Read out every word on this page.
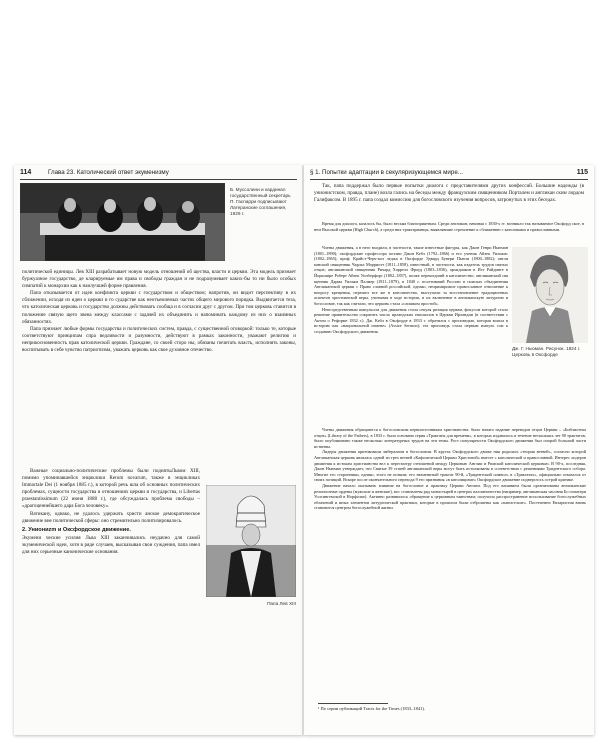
114	Глава 23. Католический ответ экуменизму
Б. Муссолини и кардинал государственный секретарь П. Гаспарри подписывают Латеранские соглашения, 1929 г.

политической единицы. Лев XIII разрабатывает новую модель отношений об щества, власти и церкви. Эта модель признает буржуазное государство, де кларируемые им права и свободы граждан и не подразумевает каких-бы то ни было особых симпатий к монархии как к наилучшей форме правления.

Папа отказывается от идеи конфликта церкви с государством и обществом; напротив, он видит перспективу в их сближении, исходя из идеи о церкви и го сударстве как неотъемлемых частях общего мирового порядка. Выдвигается теза, что католическая церковь и государство должны действовать сообща и в согласии друг с другом. При том церковь ставится в положение связую щего звена между классами с задачей их объединить и напоминать каждому из них о взаимных обязанностях.

Папа признает любые формы государства и политических систем, правда, с существенной оговоркой: только те, которые соответствуют принципам спра ведливости и разумности, действуют в рамках законности, уважают религию и неприкосновенность прав католической церкви. Граждане, со своей сторо ны, обязаны почитать власть, исполнять законы, воспитывать в себе чувство патриотизма, уважать церковь как свое духовное отечество.

Важные социально-политические проблемы были поднятыЛьвом XIII, помимо упоминавшейся энциклики Rerum novarum, также в энцикликах Immortale Dei (1 ноября 1885 г.), в которой речь шла об основных политических проблемах, сущности государства и отношениях церкви и государства, и Libertas praestantissimum (22 июня 1888 г.), где обсуждалась проблема свободы – «драгоценнейшего дара Бога человеку».

Ватикану, однако, не удалось удержать христи анское демократическое движение вне политической сферы: оно стремительно политизировалось.

2. Униониzm и Оксфордское движение.

Экумени ческие усилия Льва XIII заканчивались неудачно для самой экуменической идеи, хотя в ряде случаев, высказывая свои суждения, папа имел для них серьезные канонические основания.

Папа Лев XIII
§ 1. Попытки адаптации в секуляризующемся мире...	115

Так, папа поддержал было первые попытки диалога с представителями других конфессий. Большие надежды (в унионистском, правда, плане) возла гались на беседы между французским священником Порталем и англикан ским лордом Галифаксом. В 1895 г. папа создал комиссию для богословского изучения вопросов, затронутых в этих беседах.

Время для диалога, казалось бы, было весьма благоприятным. Среди англикан, начиная с 1830-х гг. возникло так называемое Оксфорд ское, в нем Высокой церкви (High Church), а среди них трактарианцы, выявлявшие стремление к сближению с католиками и православными.

Члены движения, а в него входили, в частности, такие известные фигуры, как Джон Генри Ньюман (1801–1890); оксфордские профессора поэзии Джон Кебл (1792–1866) и его ученик Айзек Уильямс (1802–1865); проф. Крайст-Черч-кол леджа в Оксфорде Эдвард Бувери Пьюзи (1800–1882); англи канский священник Чарльз Мэрриотт (1811–1858), известный, в частности, как издатель трудов святых отцов; англиканский священник Ричард Харрелл Фроуд (1803–1836), архидиакон в Ист Райдинге в Йоркшире Роберт Айзек Уилберфорс (1802–1857), позже перешедший в католичество; англиканский свя щенник Дарма Уильям Палмер (1811–1879), в 1840 г. посетивший Россию в поисках объединения Англиканской церкви с Право славной российской, однако, непримиримое православное отношение к вопросу крещения, перешел все же в католичество, выступали за восстановление традиционных аспектов христианской веры, учитывая в ходе истории, и их включение в англиканскую литургию и богословие, так как считали, что церковь стала «слишком простой».

Непосредственным импульсом для движения стала секуля ризация церкви, фокусом которой стало решение правительства сократить число ирландских епископов в Церкви Ирландии (в соответствии с Актом о Реформе 1832 г.). Дж. Кебл в Оксфорде в 1833 г. обратился с проповедью, которая вошла в историю как «национальной измене» (Assize Sermon); эта проповедь стала первым импуль сом к созданию Оксфордского движения.

Дж. Г. Ньюман. Рисунок. 1824 г. Церковь в Оксфорде

Члены движения обращаются к богословским первоисточникам христианства: было начато издание переводов отцов Церкви – «Библиотека отцов» (Library of the Fathers), в 1833 г. была основана серия «Трактаты для времени», в которых издавалось в течение нескольких лет 90 трактатов, было опубликовано также несколько литературных трудов на эти темы. Рост популярности Оксфордского движения был опорой большой части истинны.

Лидеры движения критиковали либерализм в богословии. В кругах Оксфордского движе ния родилась «теория ветвей», согласно которой Англиканская церковь являлась одной из трех ветвей «Кафолической Церкви Христовой» вместе с католической и православной. Интерес лидеров движения к истокам христианства вел к пересмотру отношений между Церковью Англии и Римской католической церковью. В 90-х, последняя, Джон Ньюман утверждает, что Святые 39 статей англиканской веры могут быть истолкованы в соответствии с решениями Тридентского собора. Многие его сторонники, однако, этого не поняли; его знаменитый трактат 90-й, «Тридентский символ» в «Трактатах», официально отказался от своих позиций. Вскоре после окончательного перехода 9 его призвания «в католицизме» Оксфордское движение подверглось острой критике.

Движение начало оказывать влияние на богословие и практику Церкви Англии. Под его влиянием были организованы англиканские религиозные ордены (мужские и женские), вос становлены ряд монастырей в центрах паломничества (например, англиканская часовня Бо гоматери Уолсингемской в Норфолке). Активно развивалось обращение к церковным таинствам; получило распространение использование богослужебных облачений и иных элементов литургической практики, которые в прошлом были отброшены как «папистские». Постепенно Евхаристия вновь становится центром богослужебной жизни.

¹ По серии публикаций Tracts for the Times (1833–1841).
